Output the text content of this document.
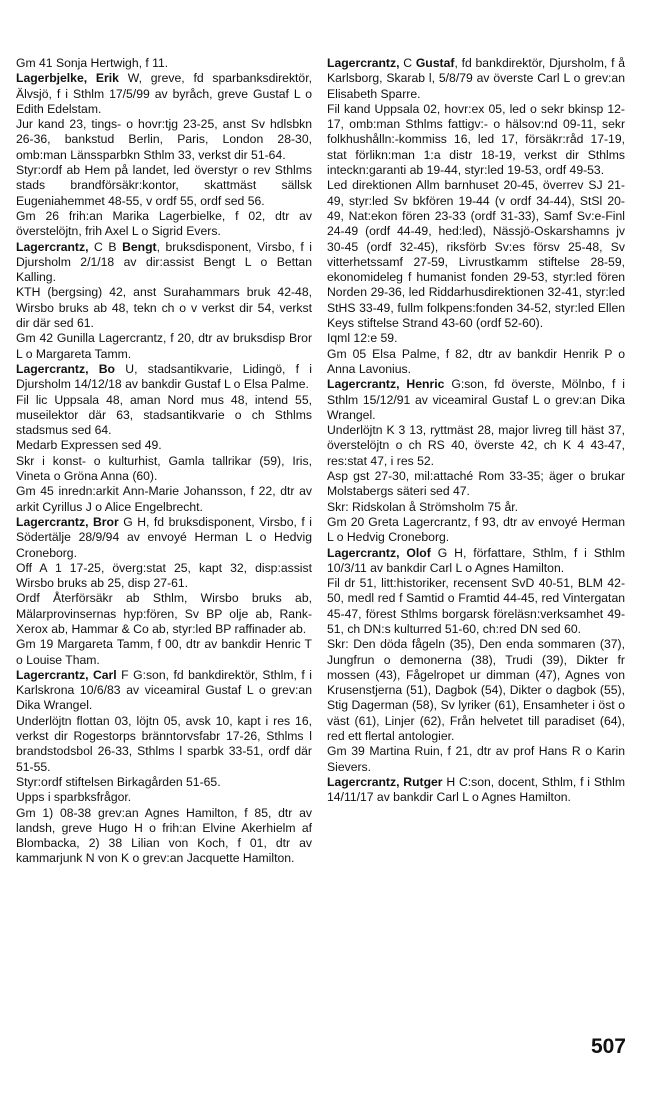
Gm 41 Sonja Hertwigh, f 11.

Lagerbjelke, Erik W, greve, fd sparbanksdirektör, Älvsjö, f i Sthlm 17/5/99 av byråch, greve Gustaf L o Edith Edelstam.

Jur kand 23, tings- o hovr:tjg 23-25, anst Sv hdlsbkn 26-36, bankstud Berlin, Paris, London 28-30, omb:man Länssparbkn Sthlm 33, verkst dir 51-64.

Styr:ordf ab Hem på landet, led överstyr o rev Sthlms stads brandförsäkr:kontor, skattmäst sällsk Eugeniahemmet 48-55, v ordf 55, ordf sed 56.

Gm 26 frih:an Marika Lagerbielke, f 02, dtr av överstelöjtn, frih Axel L o Sigrid Evers.

Lagercrantz, C B Bengt, bruksdisponent, Virsbo, f i Djursholm 2/1/18 av dir:assist Bengt L o Bettan Kalling.

KTH (bergsing) 42, anst Surahammars bruk 42-48, Wirsbo bruks ab 48, tekn ch o v verkst dir 54, verkst dir där sed 61.

Gm 42 Gunilla Lagercrantz, f 20, dtr av bruksdisp Bror L o Margareta Tamm.

Lagercrantz, Bo U, stadsantikvarie, Lidingö, f i Djursholm 14/12/18 av bankdir Gustaf L o Elsa Palme.

Fil lic Uppsala 48, aman Nord mus 48, intend 55, museilektor där 63, stadsantikvarie o ch Sthlms stadsmus sed 64.

Medarb Expressen sed 49.

Skr i konst- o kulturhist, Gamla tallrikar (59), Iris, Vineta o Gröna Anna (60).

Gm 45 inredn:arkit Ann-Marie Johansson, f 22, dtr av arkit Cyrillus J o Alice Engelbrecht.

Lagercrantz, Bror G H, fd bruksdisponent, Virsbo, f i Södertälje 28/9/94 av envoyé Herman L o Hedvig Croneborg.

Off A 1 17-25, överg:stat 25, kapt 32, disp:assist Wirsbo bruks ab 25, disp 27-61.

Ordf Återförsäkr ab Sthlm, Wirsbo bruks ab, Mälarprovinsernas hyp:fören, Sv BP olje ab, Rank-Xerox ab, Hammar & Co ab, styr:led BP raffinader ab.

Gm 19 Margareta Tamm, f 00, dtr av bankdir Henric T o Louise Tham.

Lagercrantz, Carl F G:son, fd bankdirektör, Sthlm, f i Karlskrona 10/6/83 av viceamiral Gustaf L o grev:an Dika Wrangel.

Underlöjtn flottan 03, löjtn 05, avsk 10, kapt i res 16, verkst dir Rogestorps bränntorvsfabr 17-26, Sthlms l brandstodsbol 26-33, Sthlms l sparbk 33-51, ordf där 51-55.

Styr:ordf stiftelsen Birkagården 51-65.

Upps i sparbksfrågor.

Gm 1) 08-38 grev:an Agnes Hamilton, f 85, dtr av landsh, greve Hugo H o frih:an Elvine Akerhielm af Blombacka, 2) 38 Lilian von Koch, f 01, dtr av kammarjunk N von K o grev:an Jacquette Hamilton.

Lagercrantz, C Gustaf, fd bankdirektör, Djursholm, f å Karlsborg, Skarab l, 5/8/79 av överste Carl L o grev:an Elisabeth Sparre.

Fil kand Uppsala 02, hovr:ex 05, led o sekr bkinsp 12-17, omb:man Sthlms fattigv:- o hälsov:nd 09-11, sekr folkhushålln:-kommiss 16, led 17, försäkr:råd 17-19, stat förlikn:man 1:a distr 18-19, verkst dir Sthlms inteckn:garanti ab 19-44, styr:led 19-53, ordf 49-53.

Led direktionen Allm barnhuset 20-45, överrev SJ 21-49, styr:led Sv bkfören 19-44 (v ordf 34-44), StSl 20-49, Nat:ekon fören 23-33 (ordf 31-33), Samf Sv:e-Finl 24-49 (ordf 44-49, hed:led), Nässjö-Oskarshamns jv 30-45 (ordf 32-45), riksförb Sv:es försv 25-48, Sv vitterhetssamf 27-59, Livrustkamm stiftelse 28-59, ekonomideleg f humanist fonden 29-53, styr:led fören Norden 29-36, led Riddarhusdirektionen 32-41, styr:led StHS 33-49, fullm folkpens:fonden 34-52, styr:led Ellen Keys stiftelse Strand 43-60 (ordf 52-60).

Iqml 12:e 59.

Gm 05 Elsa Palme, f 82, dtr av bankdir Henrik P o Anna Lavonius.

Lagercrantz, Henric G:son, fd överste, Mölnbo, f i Sthlm 15/12/91 av viceamiral Gustaf L o grev:an Dika Wrangel.

Underlöjtn K 3 13, ryttmäst 28, major livreg till häst 37, överstelöjtn o ch RS 40, överste 42, ch K 4 43-47, res:stat 47, i res 52.

Asp gst 27-30, mil:attaché Rom 33-35; äger o brukar Molstabergs säteri sed 47.

Skr: Ridskolan å Strömsholm 75 år.

Gm 20 Greta Lagercrantz, f 93, dtr av envoyé Herman L o Hedvig Croneborg.

Lagercrantz, Olof G H, författare, Sthlm, f i Sthlm 10/3/11 av bankdir Carl L o Agnes Hamilton.

Fil dr 51, litt:historiker, recensent SvD 40-51, BLM 42-50, medl red f Samtid o Framtid 44-45, red Vintergatan 45-47, förest Sthlms borgarsk föreläsn:verksamhet 49-51, ch DN:s kulturred 51-60, ch:red DN sed 60.

Skr: Den döda fågeln (35), Den enda sommaren (37), Jungfrun o demonerna (38), Trudi (39), Dikter fr mossen (43), Fågelropet ur dimman (47), Agnes von Krusenstjerna (51), Dagbok (54), Dikter o dagbok (55), Stig Dagerman (58), Sv lyriker (61), Ensamheter i öst o väst (61), Linjer (62), Från helvetet till paradiset (64), red ett flertal antologier.

Gm 39 Martina Ruin, f 21, dtr av prof Hans R o Karin Sievers.

Lagercrantz, Rutger H C:son, docent, Sthlm, f i Sthlm 14/11/17 av bankdir Carl L o Agnes Hamilton.

507
